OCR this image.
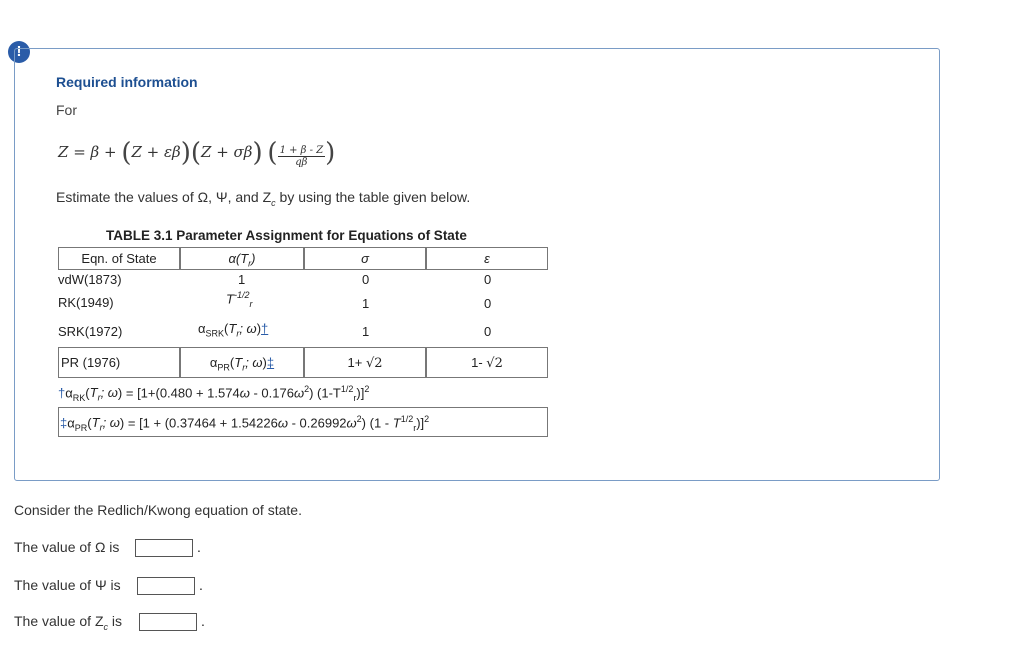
!
Required information
For
Z = β + (Z + εβ)(Z + σβ) ( $\frac{1 + \beta - Z}{q\beta}$ )
Estimate the values of Ω, Ψ, and $Z_c$ by using the table given below.
TABLE 3.1 Parameter Assignment for Equations of State
Eqn. of State	$\alpha(T_r)$	σ	ε
vdW(1873)	1	0	0
RK(1949)	$T^{-1/2}_r$	1	0
SRK(1972)	$\alpha_{SRK}(T_r$; ω)†	1	0
PR (1976)	$\alpha_{PR}(T_r$; ω)‡	1+ √2	1- √2
$\dagger\alpha_{RK}(T_r$; $\omega) = [1+(0.480 + 1.574\omega - 0.176\omega^2)$ $(1-T^{1/2}_r)]^2$
$\ddagger\alpha_{PR}(T_r$; $\omega) = [1 + (0.37464 + 1.54226\omega - 0.26992\omega^2)$ $(1 - T^{1/2}_r)]^2$
Consider the Redlich/Kwong equation of state.
The value of Ω is	.
The value of Ψ is	.
The value of $Z_c$ is	.
